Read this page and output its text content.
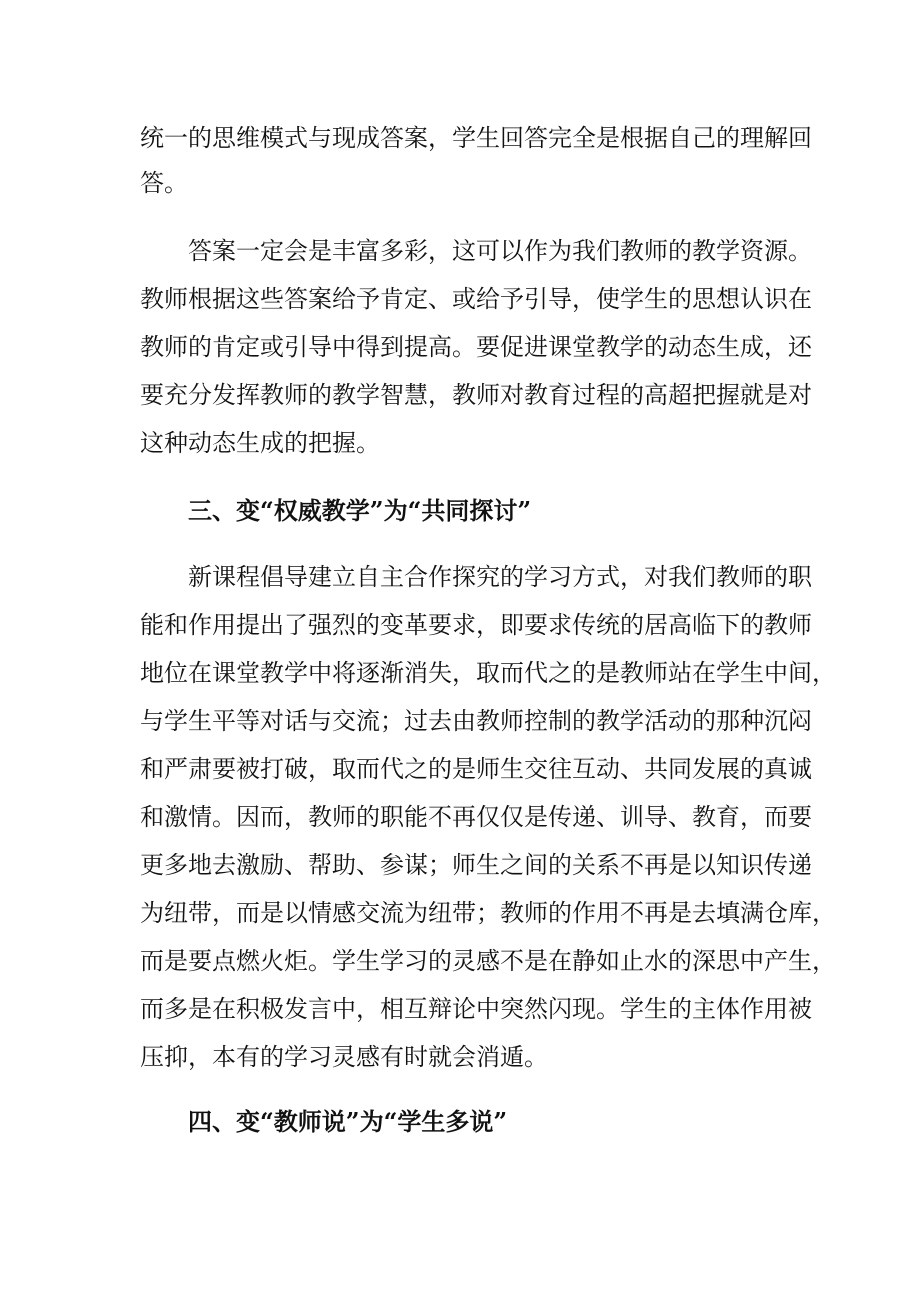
统一的思维模式与现成答案，学生回答完全是根据自己的理解回
答。
答案一定会是丰富多彩，这可以作为我们教师的教学资源。
教师根据这些答案给予肯定、或给予引导，使学生的思想认识在
教师的肯定或引导中得到提高。要促进课堂教学的动态生成，还
要充分发挥教师的教学智慧，教师对教育过程的高超把握就是对
这种动态生成的把握。
三、变“权威教学”为“共同探讨”
新课程倡导建立自主合作探究的学习方式，对我们教师的职
能和作用提出了强烈的变革要求，即要求传统的居高临下的教师
地位在课堂教学中将逐渐消失，取而代之的是教师站在学生中间，
与学生平等对话与交流；过去由教师控制的教学活动的那种沉闷
和严肃要被打破，取而代之的是师生交往互动、共同发展的真诚
和激情。因而，教师的职能不再仅仅是传递、训导、教育，而要
更多地去激励、帮助、参谋；师生之间的关系不再是以知识传递
为纽带，而是以情感交流为纽带；教师的作用不再是去填满仓库，
而是要点燃火炬。学生学习的灵感不是在静如止水的深思中产生，
而多是在积极发言中，相互辩论中突然闪现。学生的主体作用被
压抑，本有的学习灵感有时就会消遁。
四、变“教师说”为“学生多说”
